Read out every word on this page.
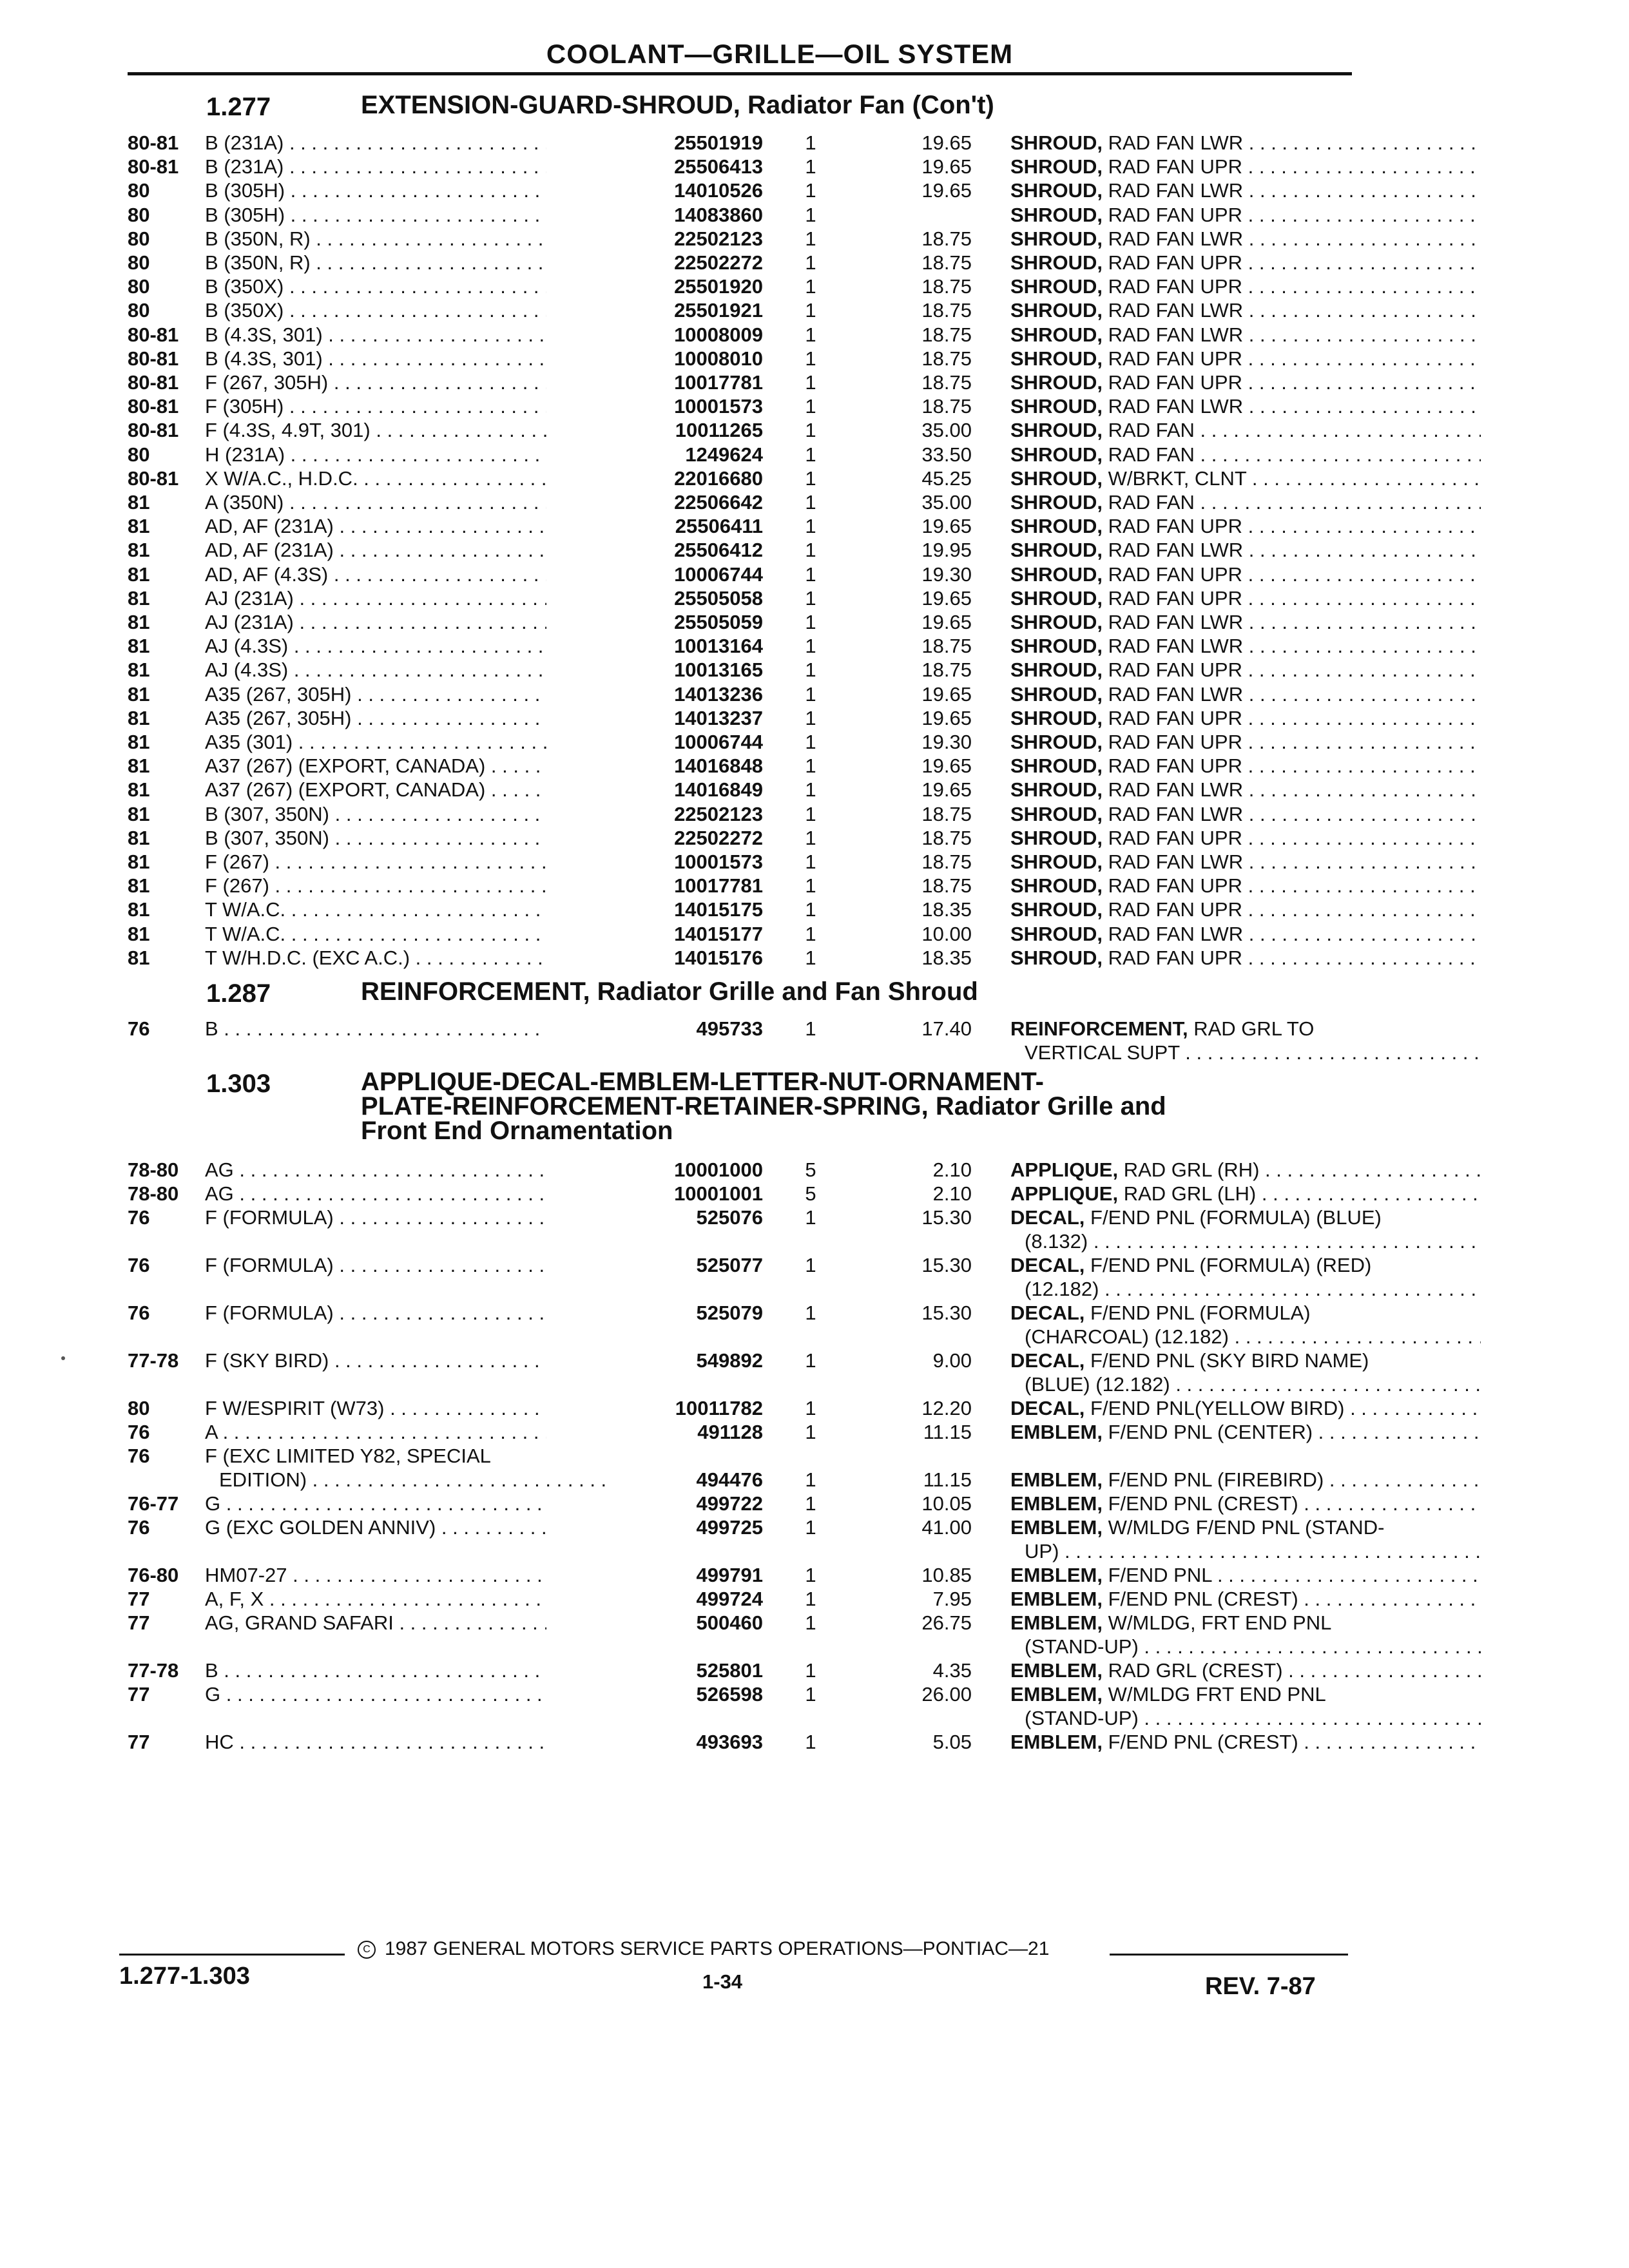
COOLANT—GRILLE—OIL SYSTEM
1.277	EXTENSION-GUARD-SHROUD, Radiator Fan (Con't)
80-81	B (231A) . . .	25501919	1	19.65 SHROUD, RAD FAN LWR . . .
80-81	B (231A) . . .	25506413	1	19.65 SHROUD, RAD FAN UPR . . .
80	B (305H) . . .	14010526	1	19.65 SHROUD, RAD FAN LWR . . .
80	B (305H) . . .	14083860	1	SHROUD, RAD FAN UPR . . .
80	B (350N, R) . . .	22502123	1	18.75 SHROUD, RAD FAN LWR . . .
80	B (350N, R) . . .	22502272	1	18.75 SHROUD, RAD FAN UPR . . .
80	B (350X) . . .	25501920	1	18.75 SHROUD, RAD FAN UPR . . .
80	B (350X) . . .	25501921	1	18.75 SHROUD, RAD FAN LWR . . .
80-81	B (4.3S, 301) . . .	10008009	1	18.75 SHROUD, RAD FAN LWR . . .
80-81	B (4.3S, 301) . . .	10008010	1	18.75 SHROUD, RAD FAN UPR . . .
80-81	F (267, 305H) . . .	10017781	1	18.75 SHROUD, RAD FAN UPR . . .
80-81	F (305H) . . .	10001573	1	18.75 SHROUD, RAD FAN LWR . . .
80-81	F (4.3S, 4.9T, 301) . . .	10011265	1	35.00 SHROUD, RAD FAN . . .
80	H (231A) . . .	1249624	1	33.50 SHROUD, RAD FAN . . .
80-81	X W/A.C., H.D.C. . . .	22016680	1	45.25 SHROUD, W/BRKT, CLNT . . .
81	A (350N) . . .	22506642	1	35.00 SHROUD, RAD FAN . . .
81	AD, AF (231A) . . .	25506411	1	19.65 SHROUD, RAD FAN UPR . . .
81	AD, AF (231A) . . .	25506412	1	19.95 SHROUD, RAD FAN LWR . . .
81	AD, AF (4.3S) . . .	10006744	1	19.30 SHROUD, RAD FAN UPR . . .
81	AJ (231A) . . .	25505058	1	19.65 SHROUD, RAD FAN UPR . . .
81	AJ (231A) . . .	25505059	1	19.65 SHROUD, RAD FAN LWR . . .
81	AJ (4.3S) . . .	10013164	1	18.75 SHROUD, RAD FAN LWR . . .
81	AJ (4.3S) . . .	10013165	1	18.75 SHROUD, RAD FAN UPR . . .
81	A35 (267, 305H) . . .	14013236	1	19.65 SHROUD, RAD FAN LWR . . .
81	A35 (267, 305H) . . .	14013237	1	19.65 SHROUD, RAD FAN UPR . . .
81	A35 (301) . . .	10006744	1	19.30 SHROUD, RAD FAN UPR . . .
81	A37 (267) (EXPORT, CANADA) . . .	14016848	1	19.65 SHROUD, RAD FAN UPR . . .
81	A37 (267) (EXPORT, CANADA) . . .	14016849	1	19.65 SHROUD, RAD FAN LWR . . .
81	B (307, 350N) . . .	22502123	1	18.75 SHROUD, RAD FAN LWR . . .
81	B (307, 350N) . . .	22502272	1	18.75 SHROUD, RAD FAN UPR . . .
81	F (267) . . .	10001573	1	18.75 SHROUD, RAD FAN LWR . . .
81	F (267) . . .	10017781	1	18.75 SHROUD, RAD FAN UPR . . .
81	T W/A.C. . . .	14015175	1	18.35 SHROUD, RAD FAN UPR . . .
81	T W/A.C. . . .	14015177	1	10.00 SHROUD, RAD FAN LWR . . .
81	T W/H.D.C. (EXC A.C.) . . .	14015176	1	18.35 SHROUD, RAD FAN UPR . . .
1.287	REINFORCEMENT, Radiator Grille and Fan Shroud
76	B . . .	495733	1	17.40 REINFORCEMENT, RAD GRL TO
VERTICAL SUPT . . .
1.303	APPLIQUE-DECAL-EMBLEM-LETTER-NUT-ORNAMENT-
PLATE-REINFORCEMENT-RETAINER-SPRING, Radiator Grille and
Front End Ornamentation
78-80	AG . . .	10001000	5	2.10 APPLIQUE, RAD GRL (RH) . . .
78-80	AG . . .	10001001	5	2.10 APPLIQUE, RAD GRL (LH) . . .
76	F (FORMULA) . . .	525076	1	15.30 DECAL, F/END PNL (FORMULA) (BLUE)
(8.132) . . .
76	F (FORMULA) . . .	525077	1	15.30 DECAL, F/END PNL (FORMULA) (RED)
(12.182) . . .
76	F (FORMULA) . . .	525079	1	15.30 DECAL, F/END PNL (FORMULA)
(CHARCOAL) (12.182) . . .
77-78	F (SKY BIRD) . . .	549892	1	9.00 DECAL, F/END PNL (SKY BIRD NAME)
(BLUE) (12.182) . . .
80	F W/ESPIRIT (W73) . . .	10011782	1	12.20 DECAL, F/END PNL(YELLOW BIRD) . . .
76	A . . .	491128	1	11.15 EMBLEM, F/END PNL (CENTER) . . .
76	F (EXC LIMITED Y82, SPECIAL
494476	1	11.15 EMBLEM, F/END PNL (FIREBIRD) . . .
EDITION) . . .
76-77	G . . .	499722	1	10.05 EMBLEM, F/END PNL (CREST) . . .
76	G (EXC GOLDEN ANNIV) . . .	499725	1	41.00 EMBLEM, W/MLDG F/END PNL (STAND-
UP) . . .
76-80	HM07-27 . . .	499791	1	10.85 EMBLEM, F/END PNL . . .
77	A, F, X . . .	499724	1	7.95 EMBLEM, F/END PNL (CREST) . . .
77	AG, GRAND SAFARI . . .	500460	1	26.75 EMBLEM, W/MLDG, FRT END PNL
(STAND-UP) . . .
77-78	B . . .	525801	1	4.35 EMBLEM, RAD GRL (CREST) . . .
77	G . . .	526598	1	26.00 EMBLEM, W/MLDG FRT END PNL
(STAND-UP) . . .
77	HC . . .	493693	1	5.05 EMBLEM, F/END PNL (CREST) . . .
C 1987 GENERAL MOTORS SERVICE PARTS OPERATIONS—PONTIAC—21
1.277-1.303	1-34	REV. 7-87
